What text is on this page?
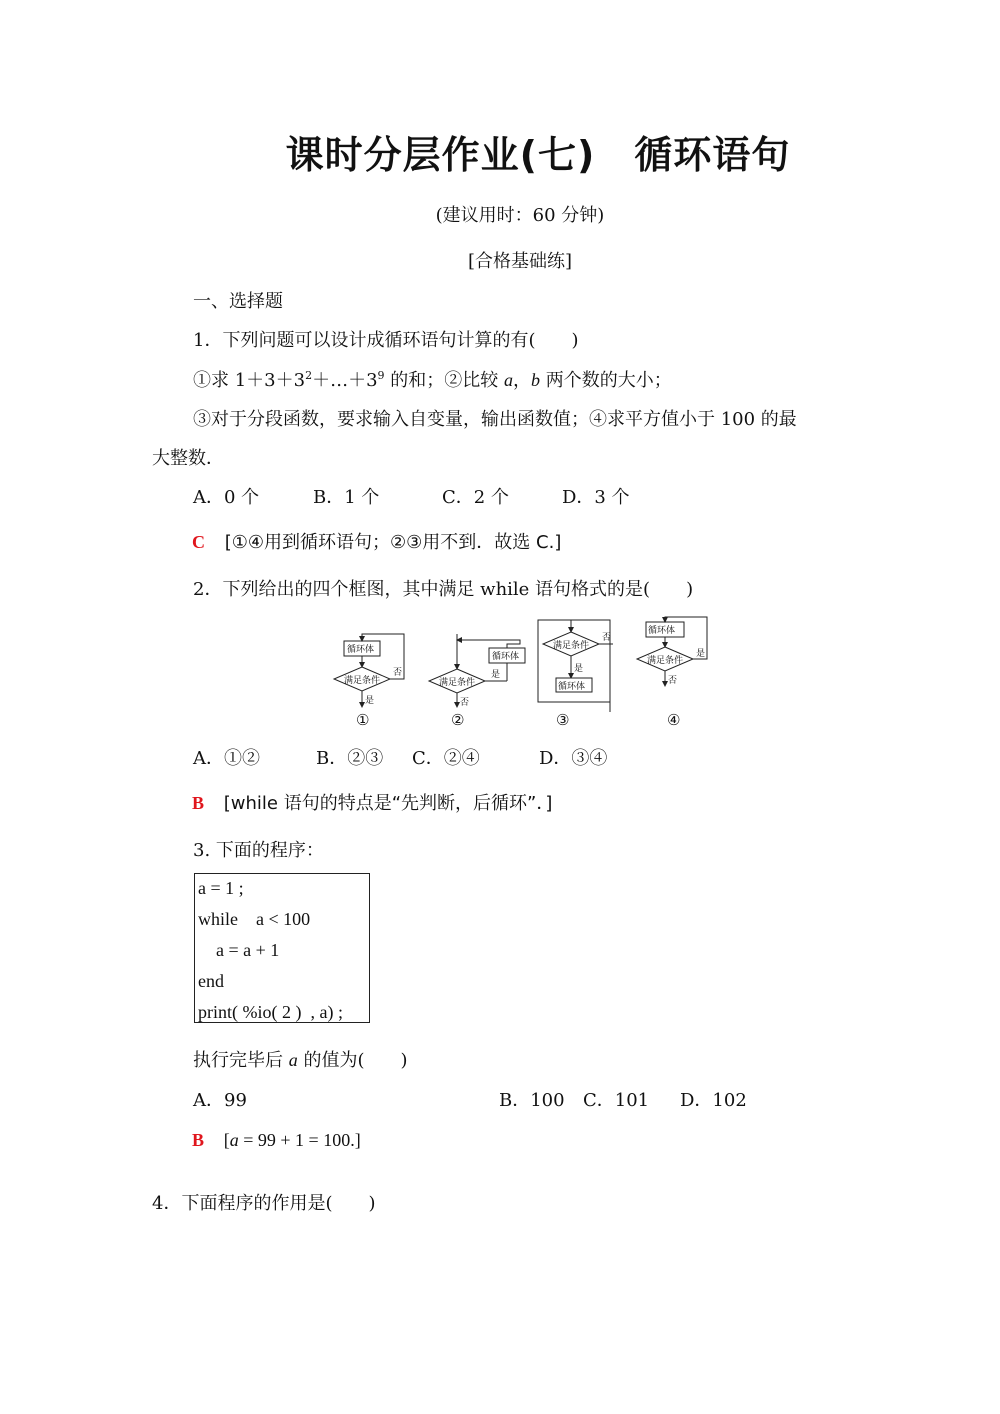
课时分层作业(七)　循环语句
(建议用时：60 分钟)
[合格基础练]
一、选择题
1．下列问题可以设计成循环语句计算的有(　　)
①求 $1+3+3^2+\dots+3^9$ 的和；②比较 a，b 两个数的大小；
③对于分段函数，要求输入自变量，输出函数值；④求平方值小于 100 的最
大整数．
A．0 个	B．1 个	C．2 个	D．3 个
C [①④用到循环语句；②③用不到．故选 C.]
2．下列给出的四个框图，其中满足 while 语句格式的是(　　)
循环体
满足条件
否
是
满足条件
循环体
是
否
满足条件
否
是
循环体
循环体
满足条件
是
否
①	②	③	④
A．①②	B．②③ C．②④	D．③④
B [while 语句的特点是“先判断，后循环”．]
3. 下面的程序：
a = 1 ;
while    a < 100
a = a + 1
end
print( %io( 2 )  , a) ;
执行完毕后 a 的值为(　　)
A．99	B．100 C．101 D．102
B [a = 99 + 1 = 100.]
4．下面程序的作用是(　　)
